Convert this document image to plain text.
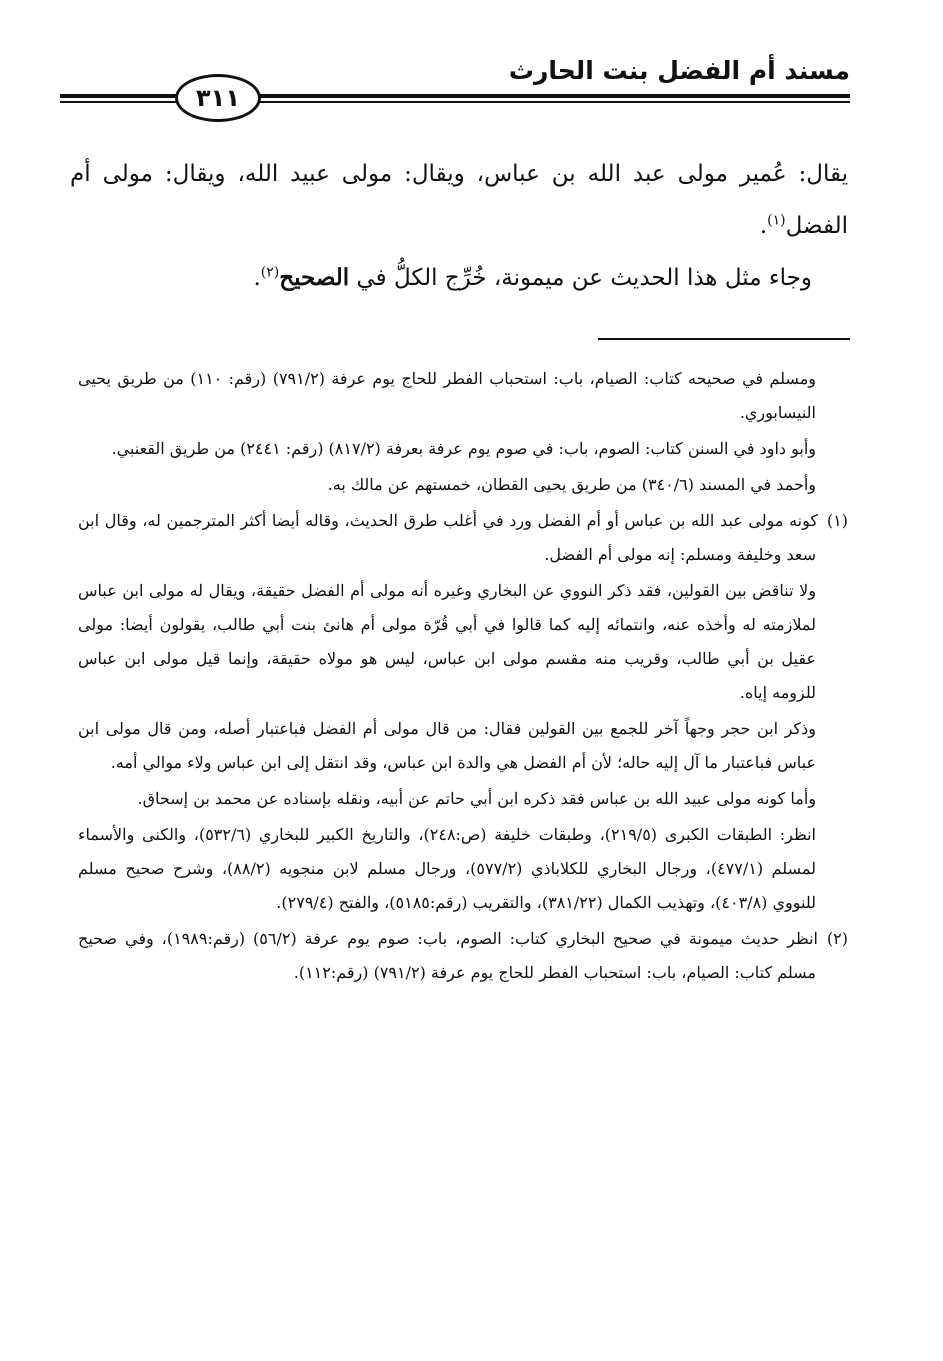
مسند أم الفضل بنت الحارث
٣١١

يقال: عُمير مولى عبد الله بن عباس، ويقال: مولى عبيد الله، ويقال: مولى أم الفضل$^{(١)}$.

وجاء مثل هذا الحديث عن ميمونة، خُرِّج الكلُّ في الصحيح$^{(٢)}$.

ومسلم في صحيحه كتاب: الصيام، باب: استحباب الفطر للحاج يوم عرفة (٧٩١/٢) (رقم: ١١٠) من طريق يحيى النيسابوري.

وأبو داود في السنن كتاب: الصوم، باب: في صوم يوم عرفة بعرفة (٨١٧/٢) (رقم: ٢٤٤١) من طريق القعنبي.

وأحمد في المسند (٣٤٠/٦) من طريق يحيى القطان، خمستهم عن مالك به.

(١)كونه مولى عبد الله بن عباس أو أم الفضل ورد في أغلب طرق الحديث، وقاله أيضا أكثر المترجمين له، وقال ابن سعد وخليفة ومسلم: إنه مولى أم الفضل.

ولا تناقض بين القولين، فقد ذكر النووي عن البخاري وغيره أنه مولى أم الفضل حقيقة، ويقال له مولى ابن عباس لملازمته له وأخذه عنه، وانتمائه إليه كما قالوا في أبي قُرّة مولى أم هانئ بنت أبي طالب، يقولون أيضا: مولى عقيل بن أبي طالب، وقريب منه مقسم مولى ابن عباس، ليس هو مولاه حقيقة، وإنما قيل مولى ابن عباس للزومه إياه.

وذكر ابن حجر وجهاً آخر للجمع بين القولين فقال: من قال مولى أم الفضل فباعتبار أصله، ومن قال مولى ابن عباس فباعتبار ما آل إليه حاله؛ لأن أم الفضل هي والدة ابن عباس، وقد انتقل إلى ابن عباس ولاء موالي أمه.

وأما كونه مولى عبيد الله بن عباس فقد ذكره ابن أبي حاتم عن أبيه، ونقله بإسناده عن محمد بن إسحاق.

انظر: الطبقات الكبرى (٢١٩/٥)، وطبقات خليفة (ص:٢٤٨)، والتاريخ الكبير للبخاري (٥٣٢/٦)، والكنى والأسماء لمسلم (٤٧٧/١)، ورجال البخاري للكلاباذي (٥٧٧/٢)، ورجال مسلم لابن منجويه (٨٨/٢)، وشرح صحيح مسلم للنووي (٤٠٣/٨)، وتهذيب الكمال (٣٨١/٢٢)، والتقريب (رقم:٥١٨٥)، والفتح (٢٧٩/٤).

(٢)انظر حديث ميمونة في صحيح البخاري كتاب: الصوم، باب: صوم يوم عرفة (٥٦/٢) (رقم:١٩٨٩)، وفي صحيح مسلم كتاب: الصيام، باب: استحباب الفطر للحاج يوم عرفة (٧٩١/٢) (رقم:١١٢).
